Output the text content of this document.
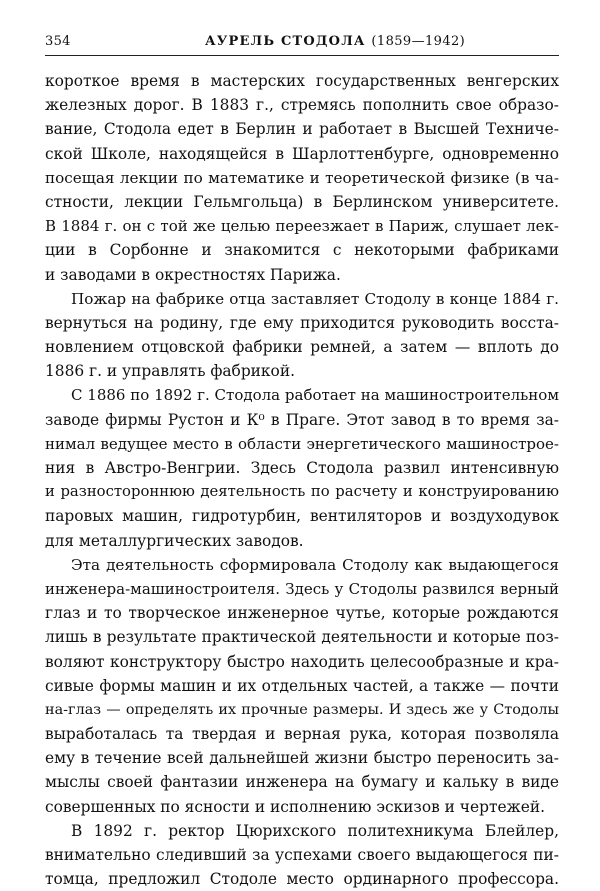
354	АУРЕЛЬ СТОДОЛА (1859—1942)
короткое время в мастерских государственных венгерских
железных дорог. В 1883 г., стремясь пополнить свое образо-
вание, Стодола едет в Берлин и работает в Высшей Техниче-
ской Школе, находящейся в Шарлоттенбурге, одновременно
посещая лекции по математике и теоретической физике (в ча-
стности, лекции Гельмгольца) в Берлинском университете.
В 1884 г. он с той же целью переезжает в Париж, слушает лек-
ции в Сорбонне и знакомится с некоторыми фабриками
и заводами в окрестностях Парижа.
Пожар на фабрике отца заставляет Стодолу в конце 1884 г.
вернуться на родину, где ему приходится руководить восста-
новлением отцовской фабрики ремней, а затем — вплоть до
1886 г. и управлять фабрикой.
С 1886 по 1892 г. Стодола работает на машиностроительном
заводе фирмы Рустон и К⁰ в Праге. Этот завод в то время за-
нимал ведущее место в области энергетического машинострое-
ния в Австро-Венгрии. Здесь Стодола развил интенсивную
и разностороннюю деятельность по расчету и конструированию
паровых машин, гидротурбин, вентиляторов и воздуходувок
для металлургических заводов.
Эта деятельность сформировала Стодолу как выдающегося
инженера-машиностроителя. Здесь у Стодолы развился верный
глаз и то творческое инженерное чутье, которые рождаются
лишь в результате практической деятельности и которые поз-
воляют конструктору быстро находить целесообразные и кра-
сивые формы машин и их отдельных частей, а также — почти
на-глаз — определять их прочные размеры. И здесь же у Стодолы
выработалась та твердая и верная рука, которая позволяла
ему в течение всей дальнейшей жизни быстро переносить за-
мыслы своей фантазии инженера на бумагу и кальку в виде
совершенных по ясности и исполнению эскизов и чертежей.
В 1892 г. ректор Цюрихского политехникума Блейлер,
внимательно следивший за успехами своего выдающегося пи-
томца, предложил Стодоле место ординарного профессора.
